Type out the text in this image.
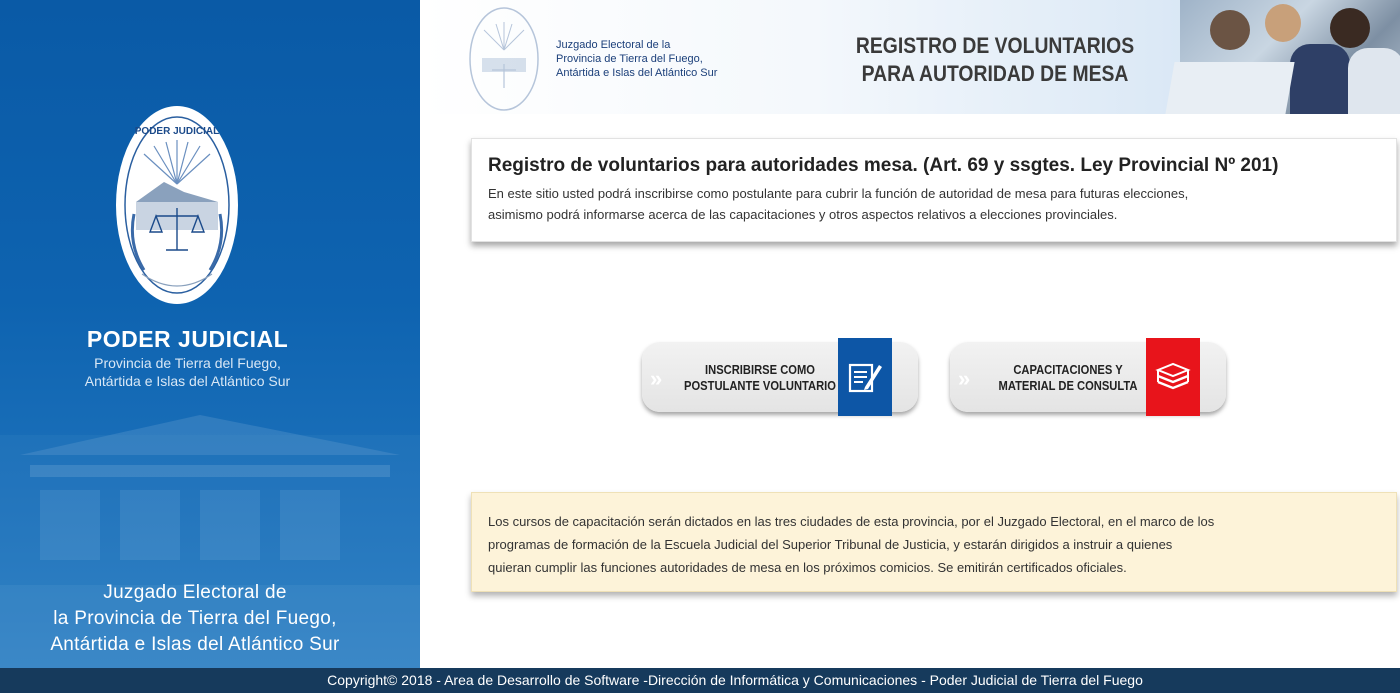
PODER JUDICIAL
PODER JUDICIAL
Provincia de Tierra del Fuego,
Antártida e Islas del Atlántico Sur
Juzgado Electoral de
la Provincia de Tierra del Fuego,
Antártida e Islas del Atlántico Sur
Juzgado Electoral de la
Provincia de Tierra del Fuego,
Antártida e Islas del Atlántico Sur
REGISTRO DE VOLUNTARIOS
PARA AUTORIDAD DE MESA
Registro de voluntarios para autoridades mesa. (Art. 69 y ssgtes. Ley Provincial Nº 201)

En este sitio usted podrá inscribirse como postulante para cubrir la función de autoridad de mesa para futuras elecciones,
asimismo podrá informarse acerca de las capacitaciones y otros aspectos relativos a elecciones provinciales.

»	INSCRIBIRSE COMO
POSTULANTE VOLUNTARIO	»	CAPACITACIONES Y
MATERIAL DE CONSULTA
Los cursos de capacitación serán dictados en las tres ciudades de esta provincia, por el Juzgado Electoral, en el marco de los
programas de formación de la Escuela Judicial del Superior Tribunal de Justicia, y estarán dirigidos a instruir a quienes
quieran cumplir las funciones autoridades de mesa en los próximos comicios. Se emitirán certificados oficiales.
Copyright© 2018 - Area de Desarrollo de Software -Dirección de Informática y Comunicaciones - Poder Judicial de Tierra del Fuego
